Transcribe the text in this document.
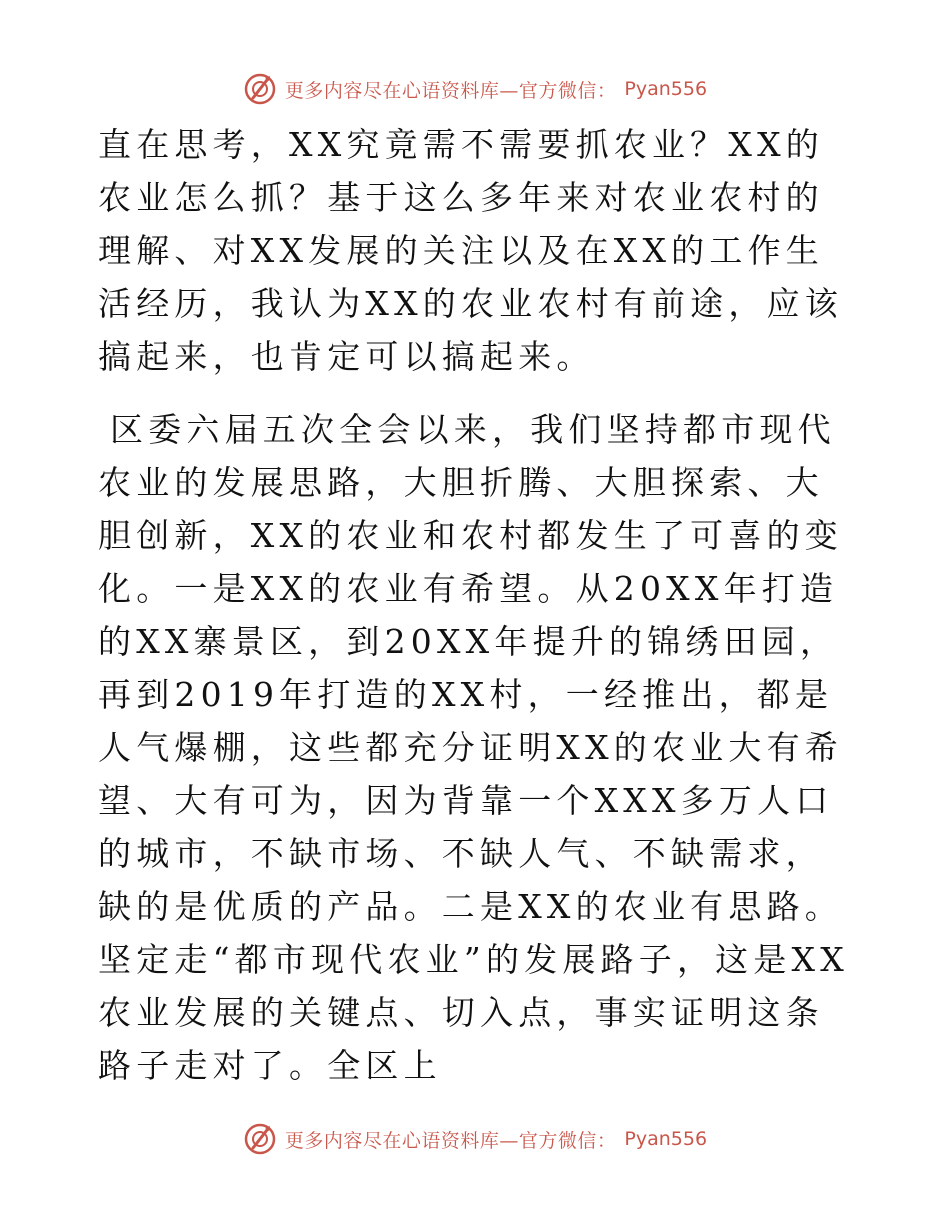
更多内容尽在心语资料库—官方微信： Pyan556

直在思考，XX究竟需不需要抓农业？XX的农业怎么抓？基于这么多年来对农业农村的理解、对XX发展的关注以及在XX的工作生活经历，我认为XX的农业农村有前途，应该搞起来，也肯定可以搞起来。

区委六届五次全会以来，我们坚持都市现代农业的发展思路，大胆折腾、大胆探索、大胆创新，XX的农业和农村都发生了可喜的变化。一是XX的农业有希望。从20XX年打造的XX寨景区，到20XX年提升的锦绣田园，再到2019年打造的XX村，一经推出，都是人气爆棚，这些都充分证明XX的农业大有希望、大有可为，因为背靠一个XXX多万人口的城市，不缺市场、不缺人气、不缺需求，缺的是优质的产品。二是XX的农业有思路。坚定走“都市现代农业”的发展路子，这是XX农业发展的关键点、切入点，事实证明这条路子走对了。全区上

更多内容尽在心语资料库—官方微信： Pyan556
